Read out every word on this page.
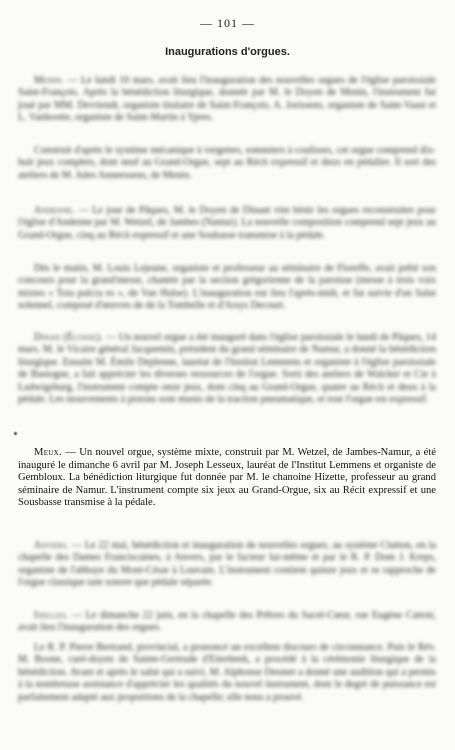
— 101 —
Inaugurations d'orgues.
Menin. — Le lundi 10 mars, avait lieu l'inauguration des nouvelles orgues de l'église paroissiale Saint-François. Après la bénédiction liturgique, donnée par M. le Doyen de Menin, l'instrument fut joué par MM. Devriendt, organiste titulaire de Saint-François, A. Jorissens, organiste de Saint-Vaast et L. Vanhootte, organiste de Saint-Martin à Ypres.
Construit d'après le système mécanique à vergettes, sommiers à coulisses, cet orgue comprend dix-huit jeux complets, dont neuf au Grand-Orgue, sept au Récit expressif et deux en pédalier. Il sort des ateliers de M. Jules Anneessens, de Menin.
Andenne. — Le jour de Pâques, M. le Doyen de Dinant vint bénir les orgues reconstruites pour l'église d'Andenne par M. Wetzel, de Jambes (Namur). La nouvelle composition comprend sept jeux au Grand-Orgue, cinq au Récit expressif et une Soubasse transmise à la pédale.
Dès le matin, M. Louis Lejeune, organiste et professeur au séminaire de Floreffe, avait prêté son concours pour la grand'messe, chantée par la section grégorienne de la paroisse (messe à trois voix mixtes « Tota pulcra es », de Van Hulse). L'inauguration eut lieu l'après-midi, et fut suivie d'un Salut solennel, composé d'œuvres de de la Tombelle et d'Arsys Decourt.
Dinan (Écosse). — Un nouvel orgue a été inauguré dans l'église paroissiale le lundi de Pâques, 14 mars. M. le Vicaire général Jacquemin, président du grand séminaire de Namur, a donné la bénédiction liturgique. Ensuite M. Émile Deplenne, lauréat de l'Institut Lemmens et organiste à l'église paroissiale de Bastogne, a fait apprécier les diverses ressources de l'orgue. Sorti des ateliers de Walcker et Cie à Ludwigsburg, l'instrument compte onze jeux, dont cinq au Grand-Orgue, quatre au Récit et deux à la pédale. Les mouvements à pistons sont munis de la traction pneumatique, et tout l'orgue est expressif.
Meux. — Un nouvel orgue, système mixte, construit par M. Wetzel, de Jambes-Namur, a été inauguré le dimanche 6 avril par M. Joseph Lesseux, lauréat de l'Institut Lemmens et organiste de Gembloux. La bénédiction liturgique fut donnée par M. le chanoine Hizette, professeur au grand séminaire de Namur. L'instrument compte six jeux au Grand-Orgue, six au Récit expressif et une Sousbasse transmise à la pédale.
Anvers. — Le 22 mai, bénédiction et inauguration de nouvelles orgues, au système Clutton, en la chapelle des Dames Franciscaines, à Anvers, par le facteur lui-même et par le R. P. Dom J. Kreps, organiste de l'abbaye du Mont-César à Louvain. L'instrument contient quinze jeux et se rapproche de l'orgue classique tant sonore que pédale séparée.
Ixelles. — Le dimanche 22 juin, en la chapelle des Prêtres du Sacré-Cœur, rue Eugène Cattoir, avait lieu l'inauguration des orgues.
Le R. P. Pierre Bertrand, provincial, a prononcé un excellent discours de circonstance. Puis le Rév. M. Boone, curé-doyen de Sainte-Gertrude d'Etterbeek, a procédé à la cérémonie liturgique de la bénédiction. Avant et après le salut qui a suivi, M. Alphonse Desmet a donné une audition qui a permis à la nombreuse assistance d'apprécier les qualités du nouvel instrument, dont le degré de puissance est parfaitement adapté aux proportions de la chapelle; elle nous a prouvé.
